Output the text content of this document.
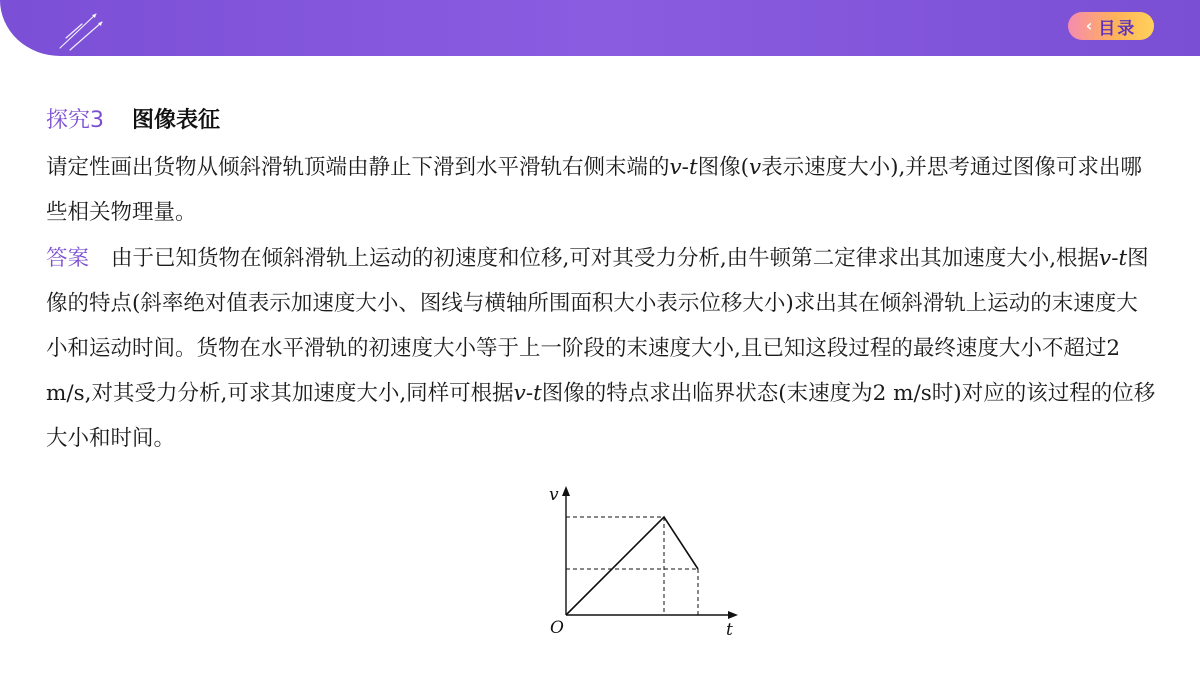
‹ 目录
探究3 图像表征
请定性画出货物从倾斜滑轨顶端由静止下滑到水平滑轨右侧末端的v-t图像(v表示速度大小),并思考通过图像可求出哪些相关物理量。
答案 由于已知货物在倾斜滑轨上运动的初速度和位移,可对其受力分析,由牛顿第二定律求出其加速度大小,根据v-t图像的特点(斜率绝对值表示加速度大小、图线与横轴所围面积大小表示位移大小)求出其在倾斜滑轨上运动的末速度大小和运动时间。货物在水平滑轨的初速度大小等于上一阶段的末速度大小,且已知这段过程的最终速度大小不超过2 m/s,对其受力分析,可求其加速度大小,同样可根据v-t图像的特点求出临界状态(末速度为2 m/s时)对应的该过程的位移大小和时间。
v
t
O
